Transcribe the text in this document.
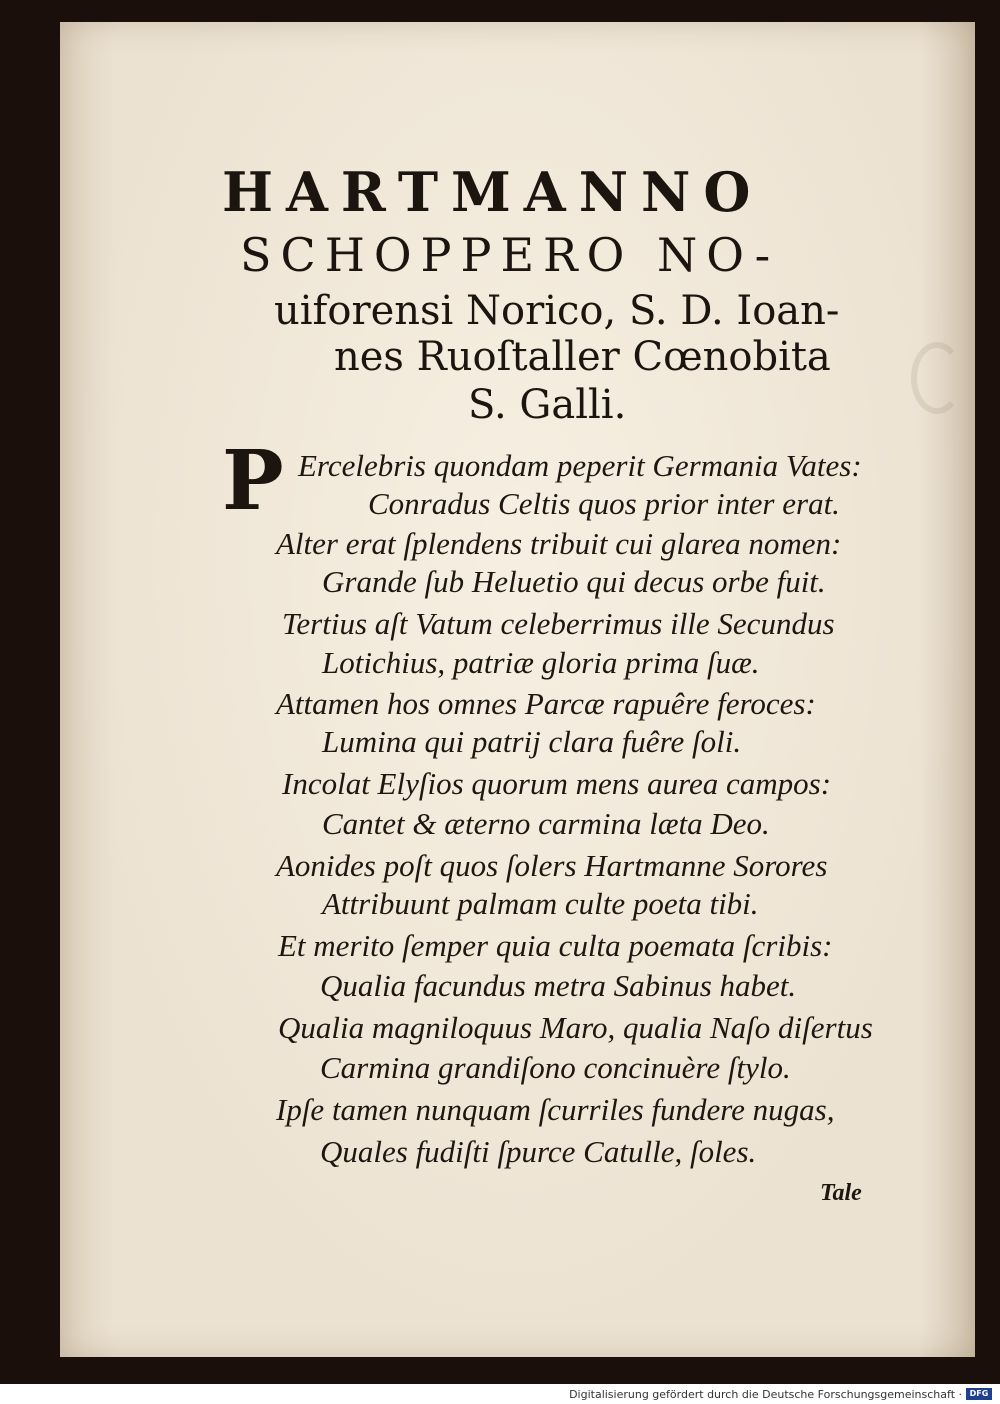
HARTMANNO

SCHOPPERO NO-

uiforensi Norico, S. D. Ioan-

nes Ruoſtaller Cœnobita

S. Galli.

P Ercelebris quondam peperit Germania Vates:

Conradus Celtis quos prior inter erat.

Alter erat ſplendens tribuit cui glarea nomen:

Grande ſub Heluetio qui decus orbe fuit.

Tertius aſt Vatum celeberrimus ille Secundus

Lotichius, patriæ gloria prima ſuæ.

Attamen hos omnes Parcæ rapuêre feroces:

Lumina qui patrij clara fuêre ſoli.

Incolat Elyſios quorum mens aurea campos:

Cantet & æterno carmina læta Deo.

Aonides poſt quos ſolers Hartmanne Sorores

Attribuunt palmam culte poeta tibi.

Et merito ſemper quia culta poemata ſcribis:

Qualia facundus metra Sabinus habet.

Qualia magniloquus Maro, qualia Naſo diſertus

Carmina grandiſono concinuère ſtylo.

Ipſe tamen nunquam ſcurriles fundere nugas,

Quales fudiſti ſpurce Catulle, ſoles.

Tale
Digitalisierung gefördert durch die Deutsche Forschungsgemeinschaft · DFG
